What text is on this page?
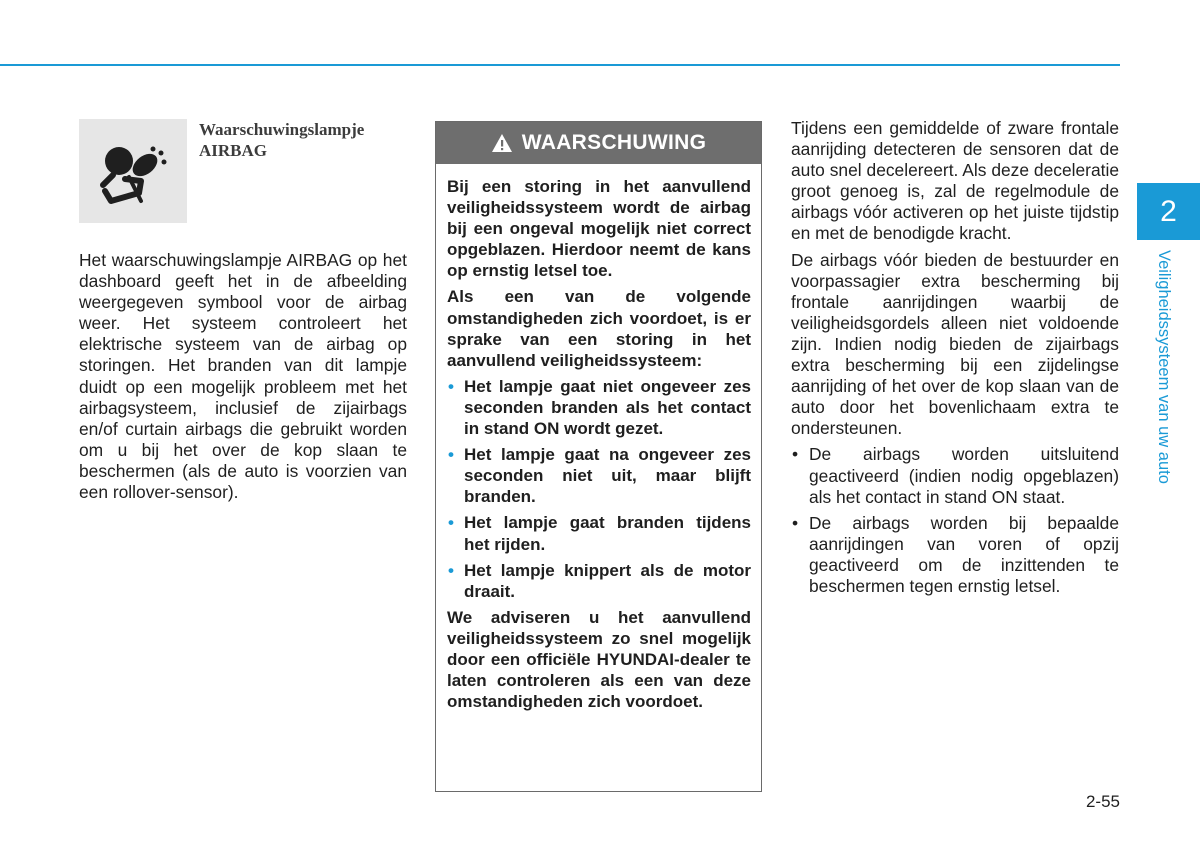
Waarschuwingslampje
AIRBAG
Het waarschuwingslampje AIRBAG op het dashboard geeft het in de afbeelding weergegeven symbool voor de airbag weer. Het systeem controleert het elektrische systeem van de airbag op storingen. Het branden van dit lampje duidt op een mogelijk probleem met het airbagsysteem, inclusief de zijairbags en/of curtain airbags die gebruikt worden om u bij het over de kop slaan te beschermen (als de auto is voorzien van een rollover-sensor).
WAARSCHUWING

Bij een storing in het aanvullend veiligheidssysteem wordt de airbag bij een ongeval mogelijk niet correct opgeblazen. Hierdoor neemt de kans op ernstig letsel toe.

Als een van de volgende omstandigheden zich voordoet, is er sprake van een storing in het aanvullend veiligheidssysteem:

• Het lampje gaat niet ongeveer zes seconden branden als het contact in stand ON wordt gezet.
• Het lampje gaat na ongeveer zes seconden niet uit, maar blijft branden.
• Het lampje gaat branden tijdens het rijden.
• Het lampje knippert als de motor draait.

We adviseren u het aanvullend veiligheidssysteem zo snel mogelijk door een officiële HYUNDAI-dealer te laten controleren als een van deze omstandigheden zich voordoet.

Tijdens een gemiddelde of zware frontale aanrijding detecteren de sensoren dat de auto snel decelereert. Als deze deceleratie groot genoeg is, zal de regelmodule de airbags vóór activeren op het juiste tijdstip en met de benodigde kracht.

De airbags vóór bieden de bestuurder en voorpassagier extra bescherming bij frontale aanrijdingen waarbij de veiligheidsgordels alleen niet voldoende zijn. Indien nodig bieden de zijairbags extra bescherming bij een zijdelingse aanrijding of het over de kop slaan van de auto door het bovenlichaam extra te ondersteunen.

• De airbags worden uitsluitend geactiveerd (indien nodig opgeblazen) als het contact in stand ON staat.
• De airbags worden bij bepaalde aanrijdingen van voren of opzij geactiveerd om de inzittenden te beschermen tegen ernstig letsel.
2
Veiligheidssysteem van uw auto
2-55
